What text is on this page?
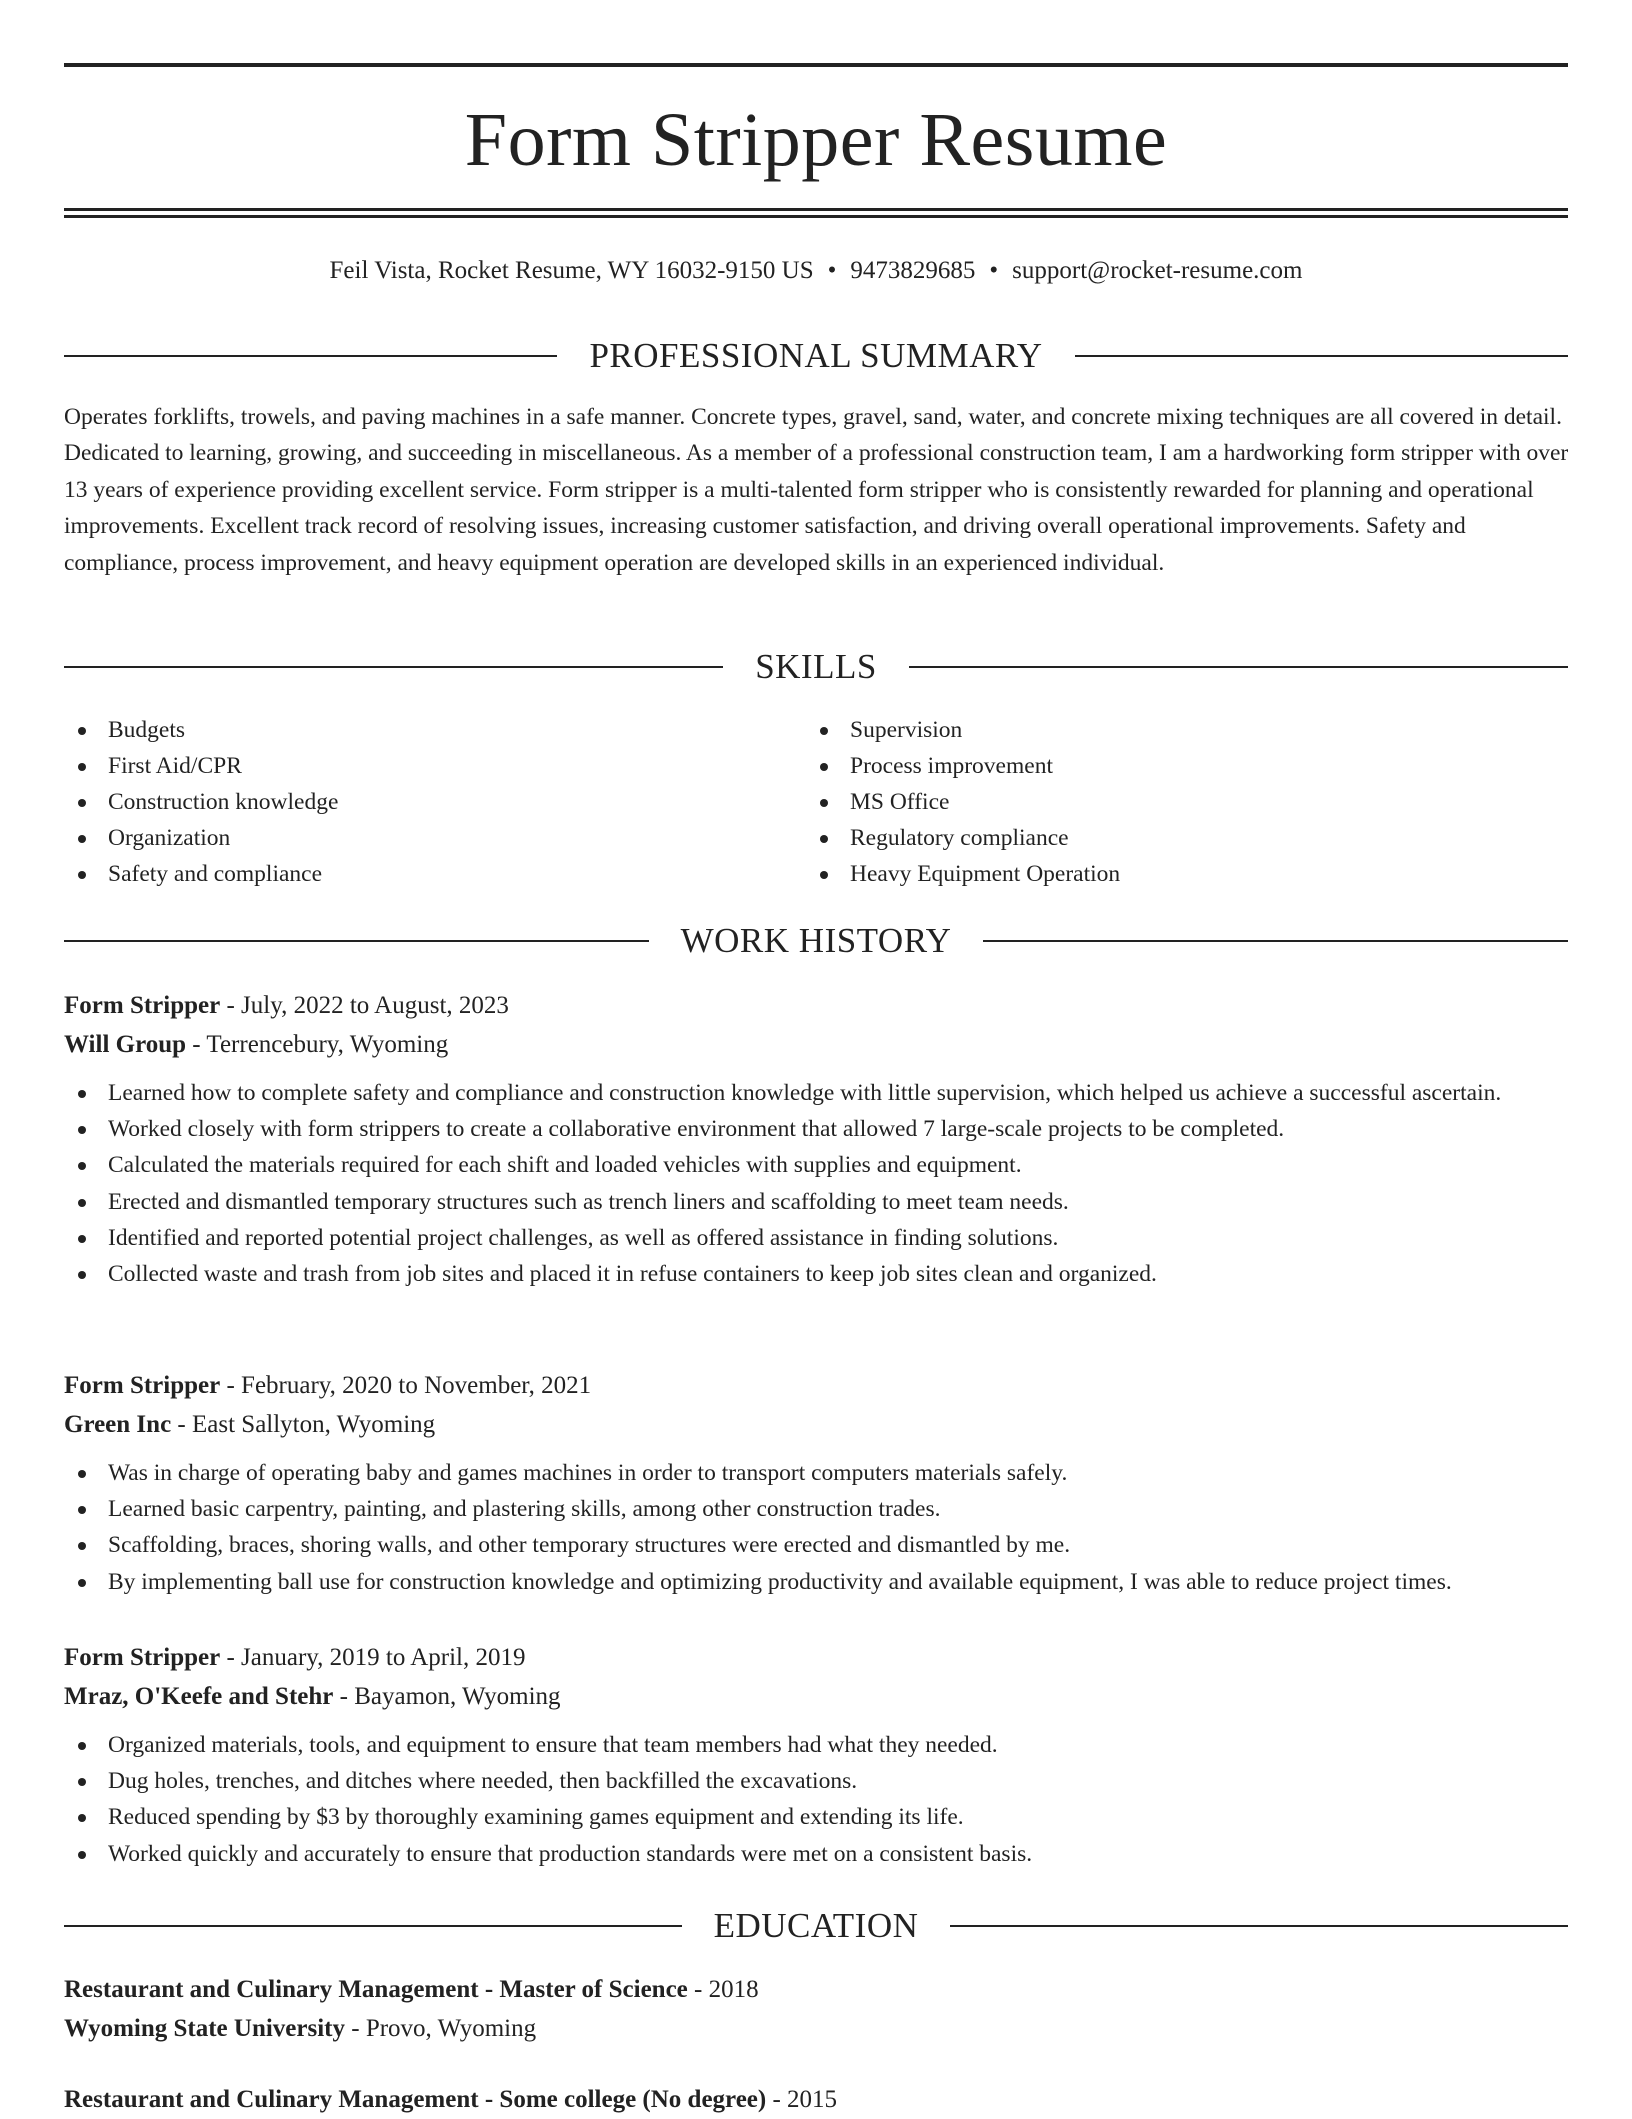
Form Stripper Resume
Feil Vista, Rocket Resume, WY 16032-9150 US • 9473829685 • support@rocket-resume.com
PROFESSIONAL SUMMARY
Operates forklifts, trowels, and paving machines in a safe manner. Concrete types, gravel, sand, water, and concrete mixing techniques are all covered in detail. Dedicated to learning, growing, and succeeding in miscellaneous. As a member of a professional construction team, I am a hardworking form stripper with over 13 years of experience providing excellent service. Form stripper is a multi-talented form stripper who is consistently rewarded for planning and operational improvements. Excellent track record of resolving issues, increasing customer satisfaction, and driving overall operational improvements. Safety and compliance, process improvement, and heavy equipment operation are developed skills in an experienced individual.
SKILLS
Budgets
First Aid/CPR
Construction knowledge
Organization
Safety and compliance
Supervision
Process improvement
MS Office
Regulatory compliance
Heavy Equipment Operation
WORK HISTORY
Form Stripper - July, 2022 to August, 2023
Will Group - Terrencebury, Wyoming
Learned how to complete safety and compliance and construction knowledge with little supervision, which helped us achieve a successful ascertain.
Worked closely with form strippers to create a collaborative environment that allowed 7 large-scale projects to be completed.
Calculated the materials required for each shift and loaded vehicles with supplies and equipment.
Erected and dismantled temporary structures such as trench liners and scaffolding to meet team needs.
Identified and reported potential project challenges, as well as offered assistance in finding solutions.
Collected waste and trash from job sites and placed it in refuse containers to keep job sites clean and organized.
Form Stripper - February, 2020 to November, 2021
Green Inc - East Sallyton, Wyoming
Was in charge of operating baby and games machines in order to transport computers materials safely.
Learned basic carpentry, painting, and plastering skills, among other construction trades.
Scaffolding, braces, shoring walls, and other temporary structures were erected and dismantled by me.
By implementing ball use for construction knowledge and optimizing productivity and available equipment, I was able to reduce project times.
Form Stripper - January, 2019 to April, 2019
Mraz, O'Keefe and Stehr - Bayamon, Wyoming
Organized materials, tools, and equipment to ensure that team members had what they needed.
Dug holes, trenches, and ditches where needed, then backfilled the excavations.
Reduced spending by $3 by thoroughly examining games equipment and extending its life.
Worked quickly and accurately to ensure that production standards were met on a consistent basis.
EDUCATION
Restaurant and Culinary Management - Master of Science - 2018
Wyoming State University - Provo, Wyoming
Restaurant and Culinary Management - Some college (No degree) - 2015
